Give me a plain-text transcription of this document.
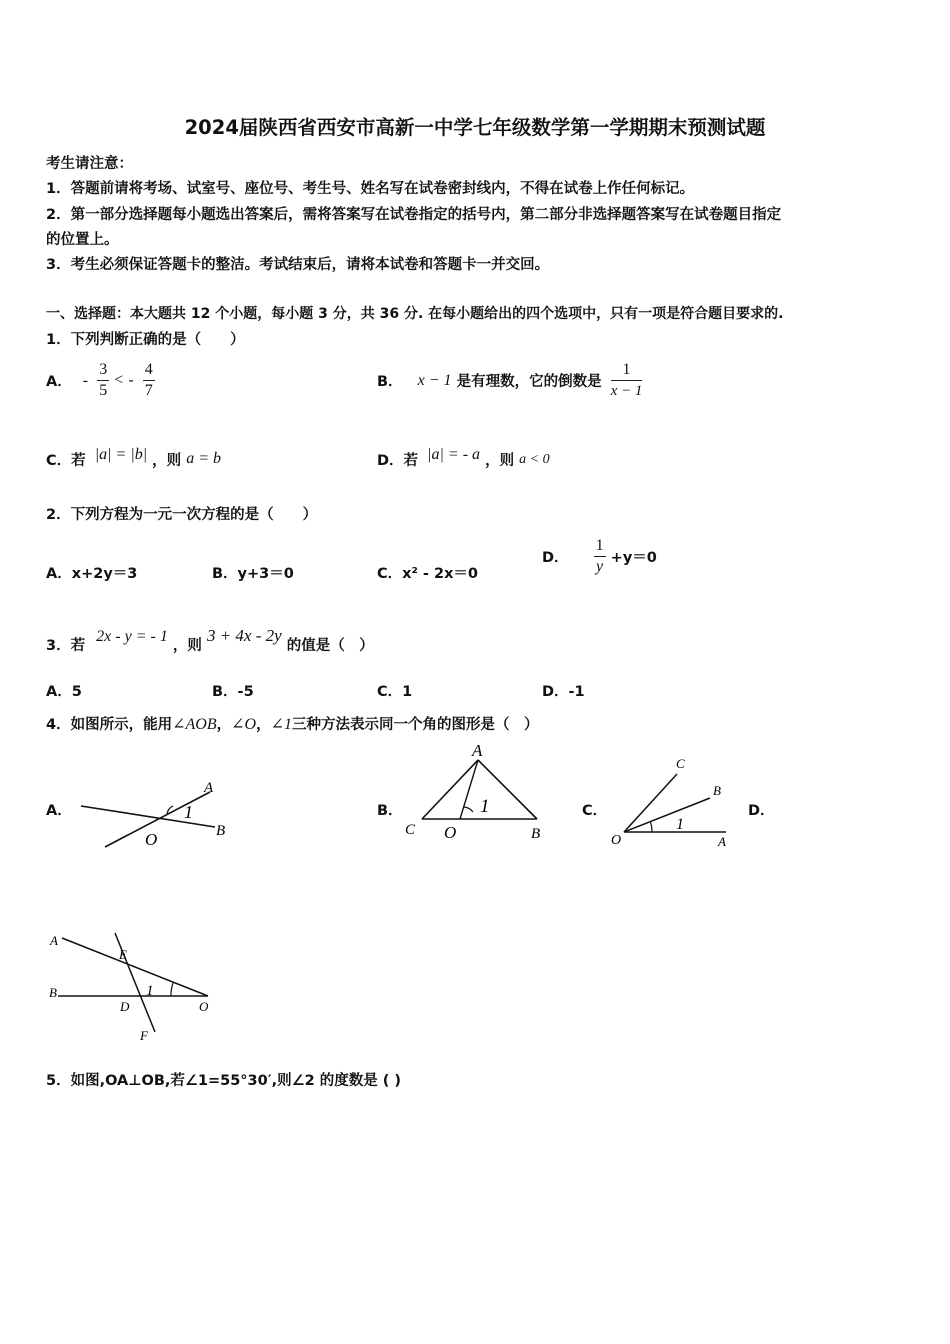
2024届陕西省西安市高新一中学七年级数学第一学期期末预测试题
考生请注意：
1．答题前请将考场、试室号、座位号、考生号、姓名写在试卷密封线内，不得在试卷上作任何标记。
2．第一部分选择题每小题选出答案后，需将答案写在试卷指定的括号内，第二部分非选择题答案写在试卷题目指定
的位置上。
3．考生必须保证答题卡的整洁。考试结束后，请将本试卷和答题卡一并交回。
一、选择题：本大题共 12 个小题，每小题 3 分，共 36 分. 在每小题给出的四个选项中，只有一项是符合题目要求的.
1．下列判断正确的是（　　）
A． - $\frac{3}{5}$ < - $\frac{4}{7}$	B． x − 1 是有理数，它的倒数是 $\frac{1}{x - 1}$
C．若 |a| = |b| ，则 a = b	D．若 |a| = - a ，则 a < 0
2．下列方程为一元一次方程的是（　　）
A．x+2y＝3	B．y+3＝0	C．x² - 2x＝0
D． $\frac{1}{y} +y=0$
3．若 2x - y = - 1 ，则 3 + 4x - 2y 的值是（　）
A．5	B．-5	C．1	D．-1
4．如图所示，能用∠AOB，∠O，∠1三种方法表示同一个角的图形是（　）
A．	B．	C．	D．
A
B
O
1
A
C O	B
1
C
B
O	A
1
A
E
B
D	O
F
1
5．如图,OA⊥OB,若∠1=55°30′,则∠2 的度数是 ( )
